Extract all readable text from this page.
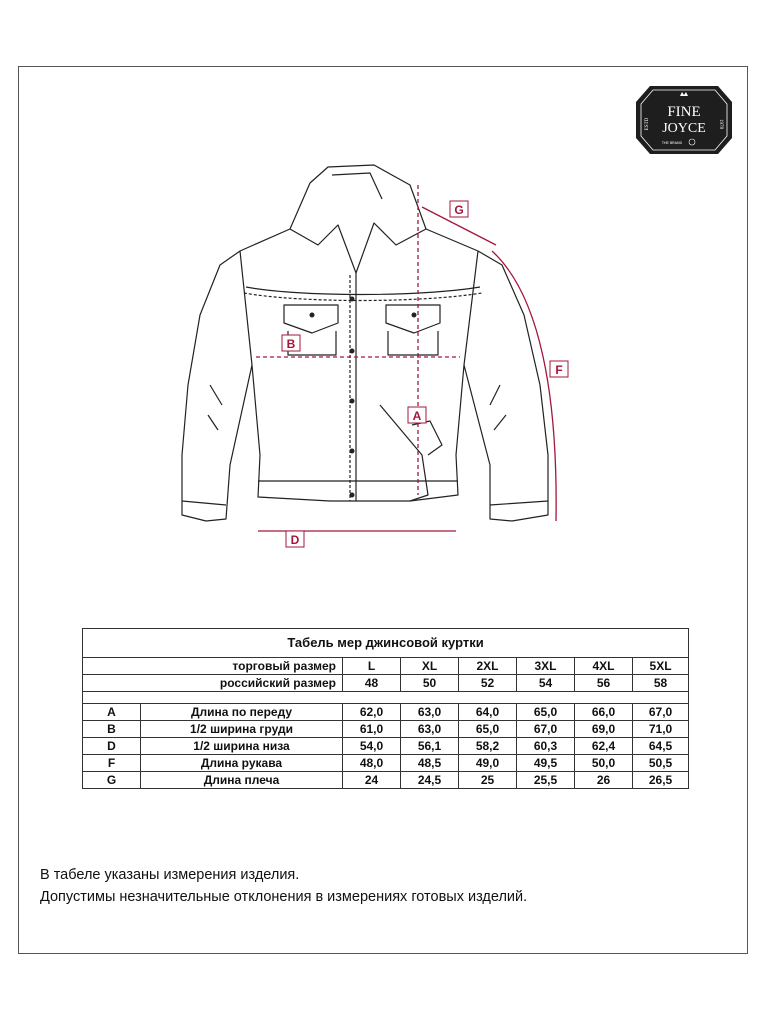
FINE
JOYCE
ESTD	1978
THE BRAND
A
B
D
F
G
Табель мер джинсовой куртки							
торговый размер		L	XL	2XL	3XL	4XL	5XL
российский размер		48	50	52	54	56	58

A	Длина по переду	62,0	63,0	64,0	65,0	66,0	67,0
B	1/2 ширина груди	61,0	63,0	65,0	67,0	69,0	71,0
D	1/2 ширина низа	54,0	56,1	58,2	60,3	62,4	64,5
F	Длина рукава	48,0	48,5	49,0	49,5	50,0	50,5
G	Длина плеча	24	24,5	25	25,5	26	26,5
В табеле указаны измерения изделия.
Допустимы незначительные отклонения в измерениях готовых изделий.
